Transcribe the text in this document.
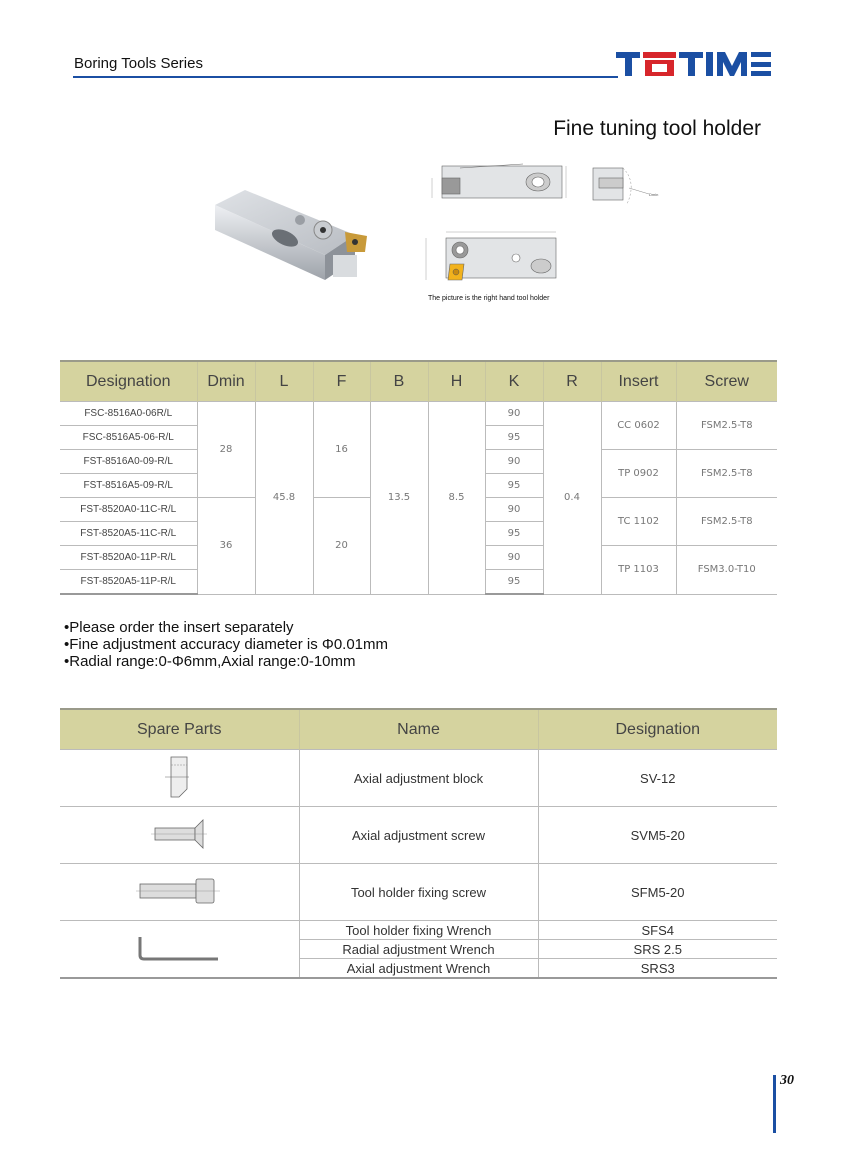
Boring Tools Series
Fine tuning tool holder
Dmin
The picture is the right hand tool holder
Designation	Dmin	L	F	B	H	K	R	Insert	Screw
FSC-8516A0-06R/L	28	45.8	16	13.5	8.5	90	0.4	CC 0602	FSM2.5-T8
FSC-8516A5-06-R/L						95			
FST-8516A0-09-R/L						90		TP 0902	FSM2.5-T8
FST-8516A5-09-R/L						95			
FST-8520A0-11C-R/L	36		20			90		TC 1102	FSM2.5-T8
FST-8520A5-11C-R/L						95			
FST-8520A0-11P-R/L						90		TP 1103	FSM3.0-T10
FST-8520A5-11P-R/L						95			
•Please order the insert separately
•Fine adjustment accuracy diameter is Φ0.01mm
•Radial range:0-Φ6mm,Axial range:0-10mm
Spare Parts	Name	Designation
	Axial adjustment block	SV-12
	Axial adjustment screw	SVM5-20
	Tool holder fixing screw	SFM5-20
	Tool holder fixing Wrench	SFS4
	Radial adjustment Wrench	SRS 2.5
	Axial adjustment Wrench	SRS3
30
